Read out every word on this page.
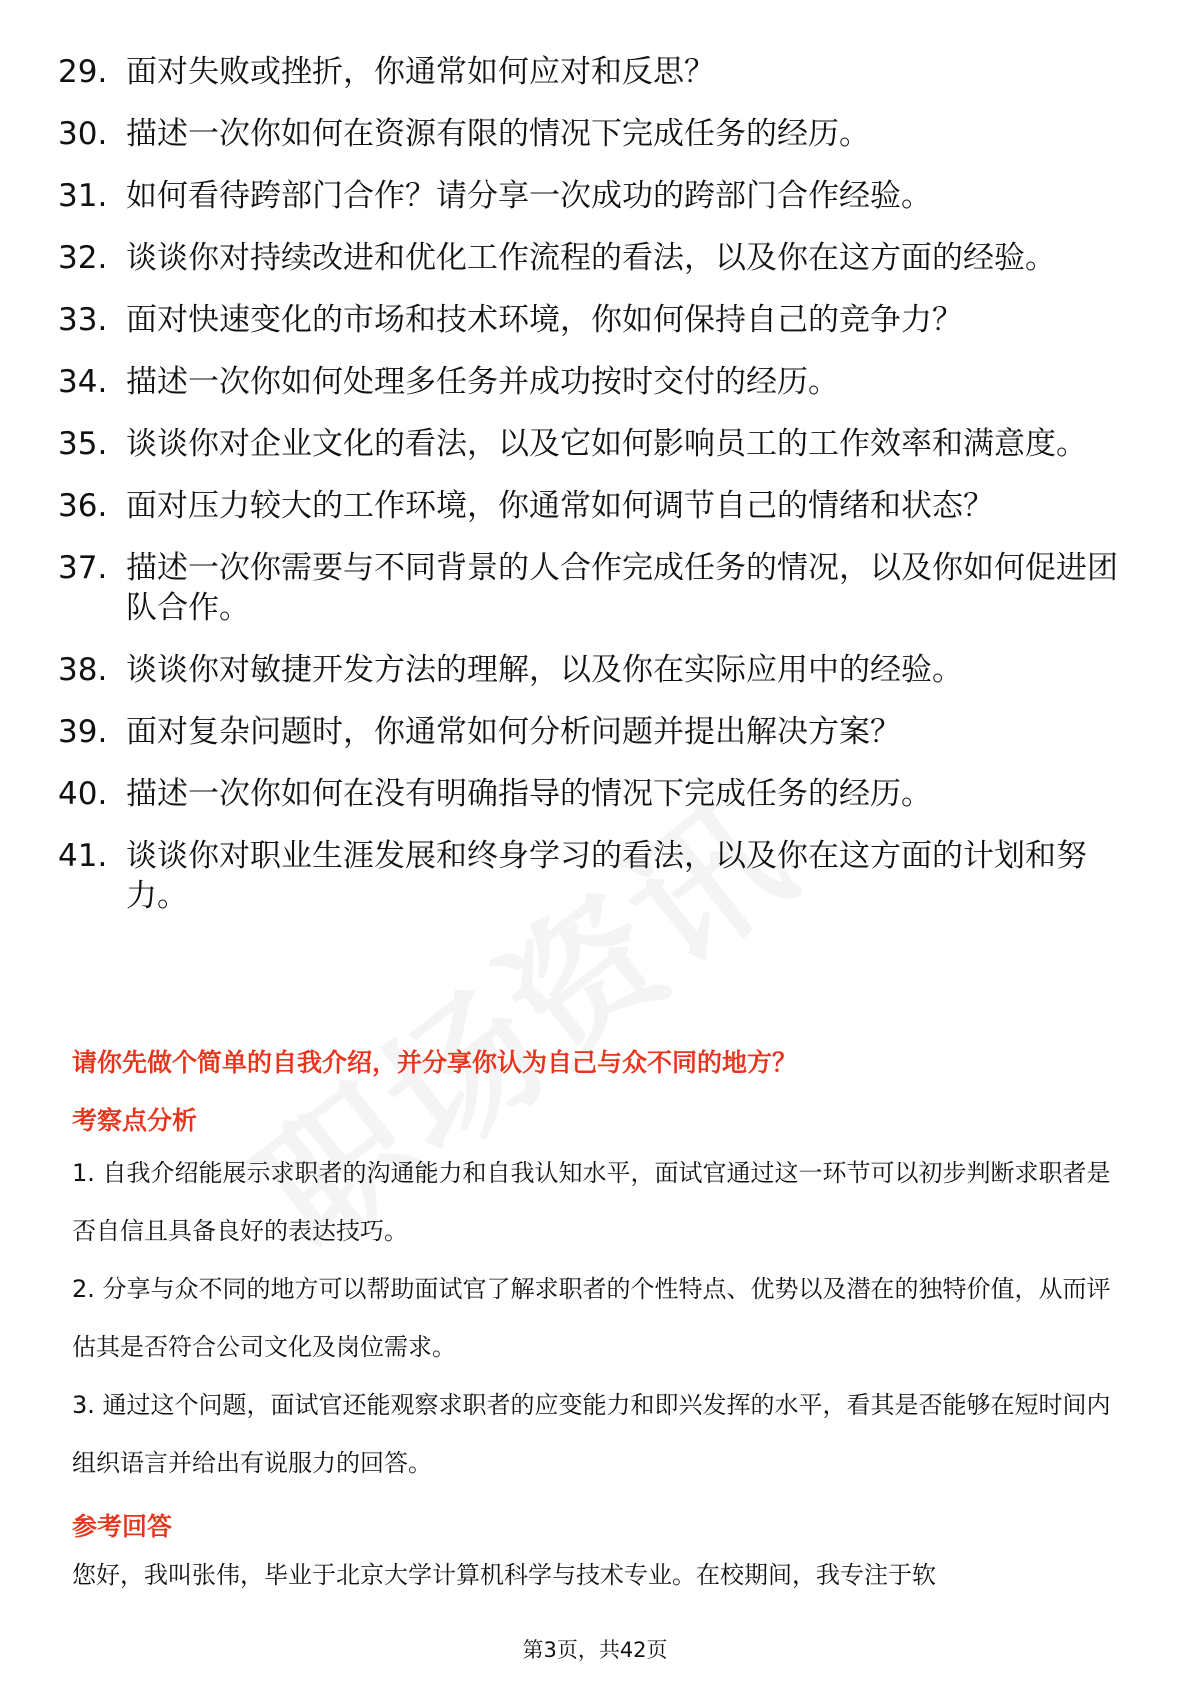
29. 面对失败或挫折，你通常如何应对和反思？
30. 描述一次你如何在资源有限的情况下完成任务的经历。
31. 如何看待跨部门合作？请分享一次成功的跨部门合作经验。
32. 谈谈你对持续改进和优化工作流程的看法，以及你在这方面的经验。
33. 面对快速变化的市场和技术环境，你如何保持自己的竞争力？
34. 描述一次你如何处理多任务并成功按时交付的经历。
35. 谈谈你对企业文化的看法，以及它如何影响员工的工作效率和满意度。
36. 面对压力较大的工作环境，你通常如何调节自己的情绪和状态？
37. 描述一次你需要与不同背景的人合作完成任务的情况，以及你如何促进团队合作。
38. 谈谈你对敏捷开发方法的理解，以及你在实际应用中的经验。
39. 面对复杂问题时，你通常如何分析问题并提出解决方案？
40. 描述一次你如何在没有明确指导的情况下完成任务的经历。
41. 谈谈你对职业生涯发展和终身学习的看法，以及你在这方面的计划和努力。
请你先做个简单的自我介绍，并分享你认为自己与众不同的地方？
考察点分析

1. 自我介绍能展示求职者的沟通能力和自我认知水平，面试官通过这一环节可以初步判断求职者是否自信且具备良好的表达技巧。

2. 分享与众不同的地方可以帮助面试官了解求职者的个性特点、优势以及潜在的独特价值，从而评估其是否符合公司文化及岗位需求。

3. 通过这个问题，面试官还能观察求职者的应变能力和即兴发挥的水平，看其是否能够在短时间内组织语言并给出有说服力的回答。

参考回答

您好，我叫张伟，毕业于北京大学计算机科学与技术专业。在校期间，我专注于软

第3页，共42页
